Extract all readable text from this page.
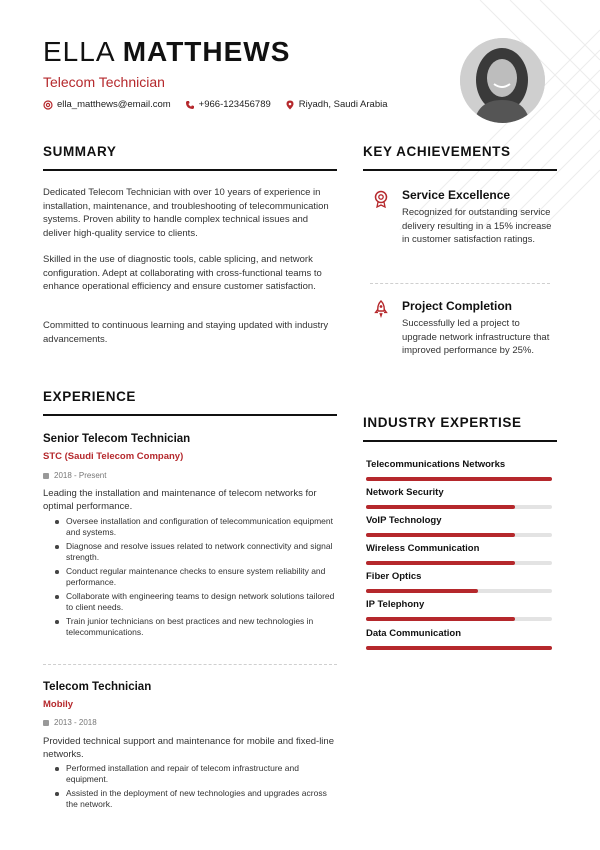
ELLA MATTHEWS
Telecom Technician
ella_matthews@email.com	+966-123456789	Riyadh, Saudi Arabia
SUMMARY
Dedicated Telecom Technician with over 10 years of experience in installation, maintenance, and troubleshooting of telecommunication systems. Proven ability to handle complex technical issues and deliver high-quality service to clients.
Skilled in the use of diagnostic tools, cable splicing, and network configuration. Adept at collaborating with cross-functional teams to enhance operational efficiency and ensure customer satisfaction.
Committed to continuous learning and staying updated with industry advancements.
EXPERIENCE
Senior Telecom Technician
STC (Saudi Telecom Company)
2018 - Present
Leading the installation and maintenance of telecom networks for optimal performance.
Oversee installation and configuration of telecommunication equipment and systems.
Diagnose and resolve issues related to network connectivity and signal strength.
Conduct regular maintenance checks to ensure system reliability and performance.
Collaborate with engineering teams to design network solutions tailored to client needs.
Train junior technicians on best practices and new technologies in telecommunications.
Telecom Technician
Mobily
2013 - 2018
Provided technical support and maintenance for mobile and fixed-line networks.
Performed installation and repair of telecom infrastructure and equipment.
Assisted in the deployment of new technologies and upgrades across the network.
KEY ACHIEVEMENTS
Service Excellence
Recognized for outstanding service delivery resulting in a 15% increase in customer satisfaction ratings.
Project Completion
Successfully led a project to upgrade network infrastructure that improved performance by 25%.
INDUSTRY EXPERTISE
Telecommunications Networks
Network Security
VoIP Technology
Wireless Communication
Fiber Optics
IP Telephony
Data Communication
